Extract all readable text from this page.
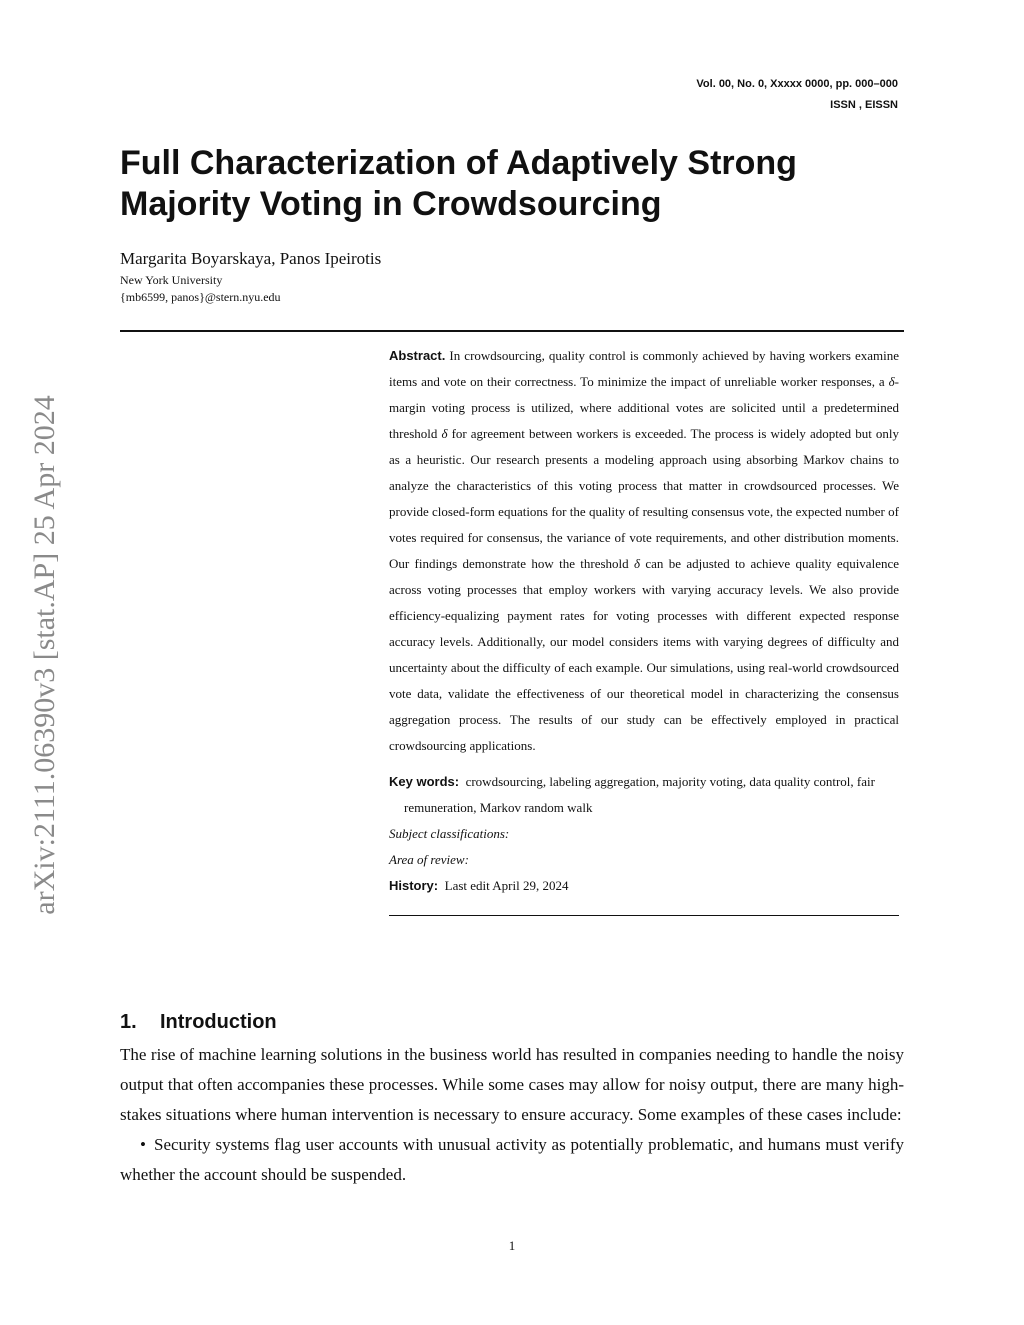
Vol. 00, No. 0, Xxxxx 0000, pp. 000–000
ISSN , EISSN
arXiv:2111.06390v3 [stat.AP] 25 Apr 2024
Full Characterization of Adaptively Strong Majority Voting in Crowdsourcing
Margarita Boyarskaya, Panos Ipeirotis
New York University
{mb6599, panos}@stern.nyu.edu

Abstract. In crowdsourcing, quality control is commonly achieved by having workers examine items and vote on their correctness. To minimize the impact of unreliable worker responses, a δ-margin voting process is utilized, where additional votes are solicited until a predetermined threshold δ for agreement between workers is exceeded. The process is widely adopted but only as a heuristic. Our research presents a modeling approach using absorbing Markov chains to analyze the characteristics of this voting process that matter in crowdsourced processes. We provide closed-form equations for the quality of resulting consensus vote, the expected number of votes required for consensus, the variance of vote requirements, and other distribution moments. Our findings demonstrate how the threshold δ can be adjusted to achieve quality equivalence across voting processes that employ workers with varying accuracy levels. We also provide efficiency-equalizing payment rates for voting processes with different expected response accuracy levels. Additionally, our model considers items with varying degrees of difficulty and uncertainty about the difficulty of each example. Our simulations, using real-world crowdsourced vote data, validate the effectiveness of our theoretical model in characterizing the consensus aggregation process. The results of our study can be effectively employed in practical crowdsourcing applications.

Key words: crowdsourcing, labeling aggregation, majority voting, data quality control, fair remuneration, Markov random walk

Subject classifications:

Area of review:

History: Last edit April 29, 2024

1. Introduction

The rise of machine learning solutions in the business world has resulted in companies needing to handle the noisy output that often accompanies these processes. While some cases may allow for noisy output, there are many high-stakes situations where human intervention is necessary to ensure accuracy. Some examples of these cases include:

• Security systems flag user accounts with unusual activity as potentially problematic, and humans must verify whether the account should be suspended.

1
